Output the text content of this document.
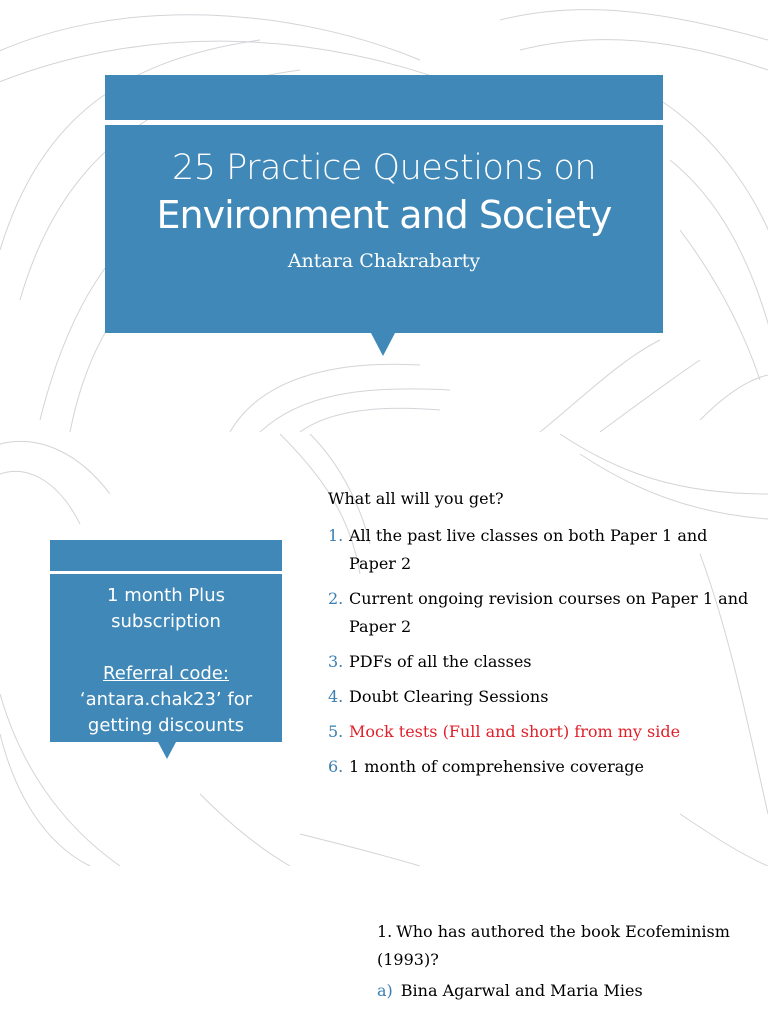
25 Practice Questions on
Environment and Society
Antara Chakrabarty
1 month Plus
subscription
Referral code:
‘antara.chak23’ for
getting discounts
What all will you get?
1. All the past live classes on both Paper 1 and Paper 2
2. Current ongoing revision courses on Paper 1 and Paper 2
3. PDFs of all the classes
4. Doubt Clearing Sessions
5. Mock tests (Full and short) from my side
6. 1 month of comprehensive coverage
1. Who has authored the book Ecofeminism (1993)?
a) Bina Agarwal and Maria Mies
